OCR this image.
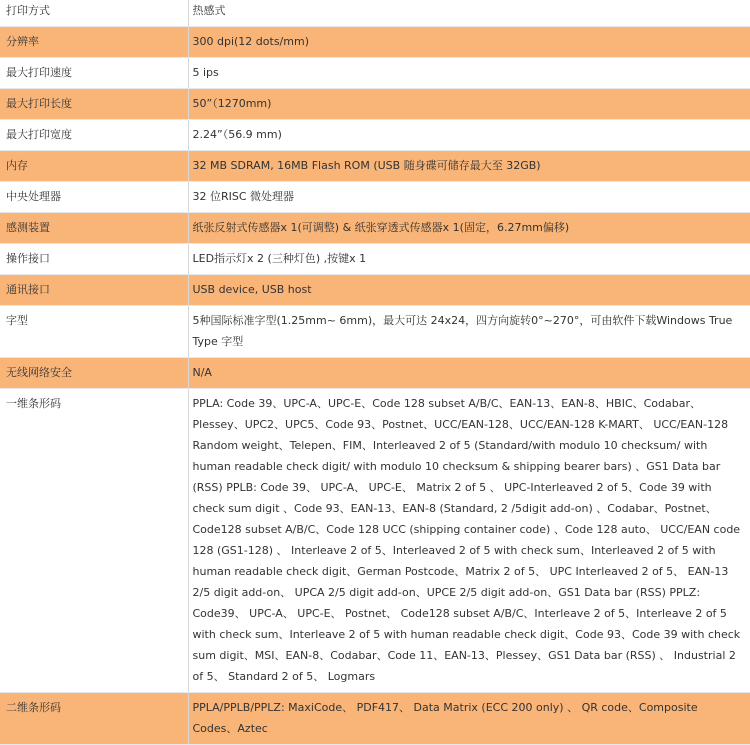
打印方式	热感式
分辨率	300 dpi(12 dots/mm)
最大打印速度	5 ips
最大打印长度	50”（1270mm)
最大打印宽度	2.24”（56.9 mm)
内存	32 MB SDRAM, 16MB Flash ROM (USB 随身碟可储存最大至 32GB)
中央处理器	32 位RISC 微处理器
感测装置	纸张反射式传感器x 1(可调整) & 纸张穿透式传感器x 1(固定，6.27mm偏移)
操作接口	LED指示灯x 2 (三种灯色) ,按键x 1
通讯接口	USB device, USB host
字型	5种国际标准字型(1.25mm~ 6mm)，最大可达 24x24，四方向旋转0°~270°，可由软件下载Windows True Type 字型
无线网络安全	N/A
一维条形码	PPLA: Code 39、UPC-A、UPC-E、Code 128 subset A/B/C、EAN-13、EAN-8、HBIC、Codabar、Plessey、UPC2、UPC5、Code 93、Postnet、UCC/EAN-128、UCC/EAN-128 K-MART、 UCC/EAN-128 Random weight、Telepen、FIM、Interleaved 2 of 5 (Standard/with modulo 10 checksum/ with human readable check digit/ with modulo 10 checksum & shipping bearer bars) 、GS1 Data bar (RSS) PPLB: Code 39、 UPC-A、 UPC-E、 Matrix 2 of 5 、 UPC-Interleaved 2 of 5、Code 39 with check sum digit 、Code 93、EAN-13、EAN-8 (Standard, 2 /5digit add-on) 、Codabar、Postnet、Code128 subset A/B/C、Code 128 UCC (shipping container code) 、Code 128 auto、 UCC/EAN code 128 (GS1-128) 、 Interleave 2 of 5、Interleaved 2 of 5 with check sum、Interleaved 2 of 5 with human readable check digit、German Postcode、Matrix 2 of 5、 UPC Interleaved 2 of 5、 EAN-13 2/5 digit add-on、 UPCA 2/5 digit add-on、UPCE 2/5 digit add-on、GS1 Data bar (RSS) PPLZ: Code39、 UPC-A、 UPC-E、 Postnet、 Code128 subset A/B/C、Interleave 2 of 5、Interleave 2 of 5 with check sum、Interleave 2 of 5 with human readable check digit、Code 93、Code 39 with check sum digit、MSI、EAN-8、Codabar、Code 11、EAN-13、Plessey、GS1 Data bar (RSS) 、 Industrial 2 of 5、 Standard 2 of 5、 Logmars
二维条形码	PPLA/PPLB/PPLZ: MaxiCode、 PDF417、 Data Matrix (ECC 200 only) 、 QR code、Composite Codes、Aztec
